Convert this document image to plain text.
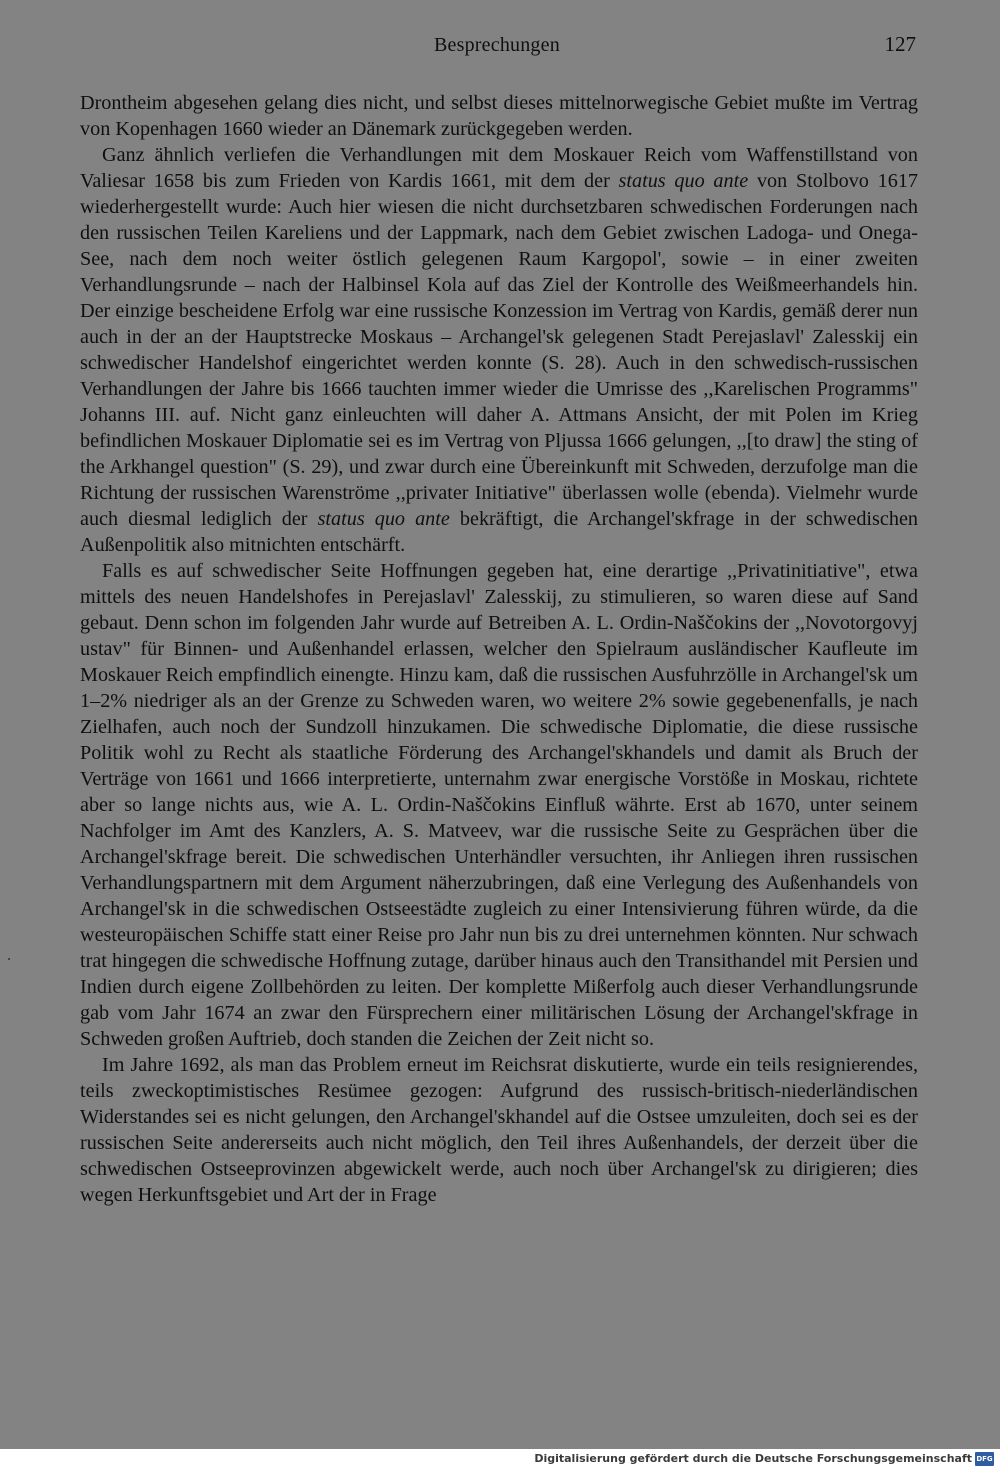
Besprechungen	127

Drontheim abgesehen gelang dies nicht, und selbst dieses mittelnorwegische Gebiet mußte im Vertrag von Kopenhagen 1660 wieder an Dänemark zurückgegeben werden.

Ganz ähnlich verliefen die Verhandlungen mit dem Moskauer Reich vom Waffenstillstand von Valiesar 1658 bis zum Frieden von Kardis 1661, mit dem der status quo ante von Stolbovo 1617 wiederhergestellt wurde: Auch hier wiesen die nicht durchsetzbaren schwedischen Forderungen nach den russischen Teilen Kareliens und der Lappmark, nach dem Gebiet zwischen Ladoga- und Onega-See, nach dem noch weiter östlich gelegenen Raum Kargopol', sowie – in einer zweiten Verhandlungsrunde – nach der Halbinsel Kola auf das Ziel der Kontrolle des Weißmeerhandels hin. Der einzige bescheidene Erfolg war eine russische Konzession im Vertrag von Kardis, gemäß derer nun auch in der an der Hauptstrecke Moskaus – Archangel'sk gelegenen Stadt Perejaslavl' Zalesskij ein schwedischer Handelshof eingerichtet werden konnte (S. 28). Auch in den schwedisch-russischen Verhandlungen der Jahre bis 1666 tauchten immer wieder die Umrisse des ,,Karelischen Programms" Johanns III. auf. Nicht ganz einleuchten will daher A. Attmans Ansicht, der mit Polen im Krieg befindlichen Moskauer Diplomatie sei es im Vertrag von Pljussa 1666 gelungen, ,,[to draw] the sting of the Arkhangel question" (S. 29), und zwar durch eine Übereinkunft mit Schweden, derzufolge man die Richtung der russischen Warenströme ,,privater Initiative" überlassen wolle (ebenda). Vielmehr wurde auch diesmal lediglich der status quo ante bekräftigt, die Archangel'skfrage in der schwedischen Außenpolitik also mitnichten entschärft.

Falls es auf schwedischer Seite Hoffnungen gegeben hat, eine derartige ,,Privatinitiative", etwa mittels des neuen Handelshofes in Perejaslavl' Zalesskij, zu stimulieren, so waren diese auf Sand gebaut. Denn schon im folgenden Jahr wurde auf Betreiben A. L. Ordin-Naščokins der ,,Novotorgovyj ustav" für Binnen- und Außenhandel erlassen, welcher den Spielraum ausländischer Kaufleute im Moskauer Reich empfindlich einengte. Hinzu kam, daß die russischen Ausfuhrzölle in Archangel'sk um 1–2% niedriger als an der Grenze zu Schweden waren, wo weitere 2% sowie gegebenenfalls, je nach Zielhafen, auch noch der Sundzoll hinzukamen. Die schwedische Diplomatie, die diese russische Politik wohl zu Recht als staatliche Förderung des Archangel'skhandels und damit als Bruch der Verträge von 1661 und 1666 interpretierte, unternahm zwar energische Vorstöße in Moskau, richtete aber so lange nichts aus, wie A. L. Ordin-Naščokins Einfluß währte. Erst ab 1670, unter seinem Nachfolger im Amt des Kanzlers, A. S. Matveev, war die russische Seite zu Gesprächen über die Archangel'skfrage bereit. Die schwedischen Unterhändler versuchten, ihr Anliegen ihren russischen Verhandlungspartnern mit dem Argument näherzubringen, daß eine Verlegung des Außenhandels von Archangel'sk in die schwedischen Ostseestädte zugleich zu einer Intensivierung führen würde, da die westeuropäischen Schiffe statt einer Reise pro Jahr nun bis zu drei unternehmen könnten. Nur schwach trat hingegen die schwedische Hoffnung zutage, darüber hinaus auch den Transithandel mit Persien und Indien durch eigene Zollbehörden zu leiten. Der komplette Mißerfolg auch dieser Verhandlungsrunde gab vom Jahr 1674 an zwar den Fürsprechern einer militärischen Lösung der Archangel'skfrage in Schweden großen Auftrieb, doch standen die Zeichen der Zeit nicht so.

Im Jahre 1692, als man das Problem erneut im Reichsrat diskutierte, wurde ein teils resignierendes, teils zweckoptimistisches Resümee gezogen: Aufgrund des russisch-britisch-niederländischen Widerstandes sei es nicht gelungen, den Archangel'skhandel auf die Ostsee umzuleiten, doch sei es der russischen Seite andererseits auch nicht möglich, den Teil ihres Außenhandels, der derzeit über die schwedischen Ostseeprovinzen abgewickelt werde, auch noch über Archangel'sk zu dirigieren; dies wegen Herkunftsgebiet und Art der in Frage

Digitalisierung gefördert durch die Deutsche Forschungsgemeinschaft DFG
